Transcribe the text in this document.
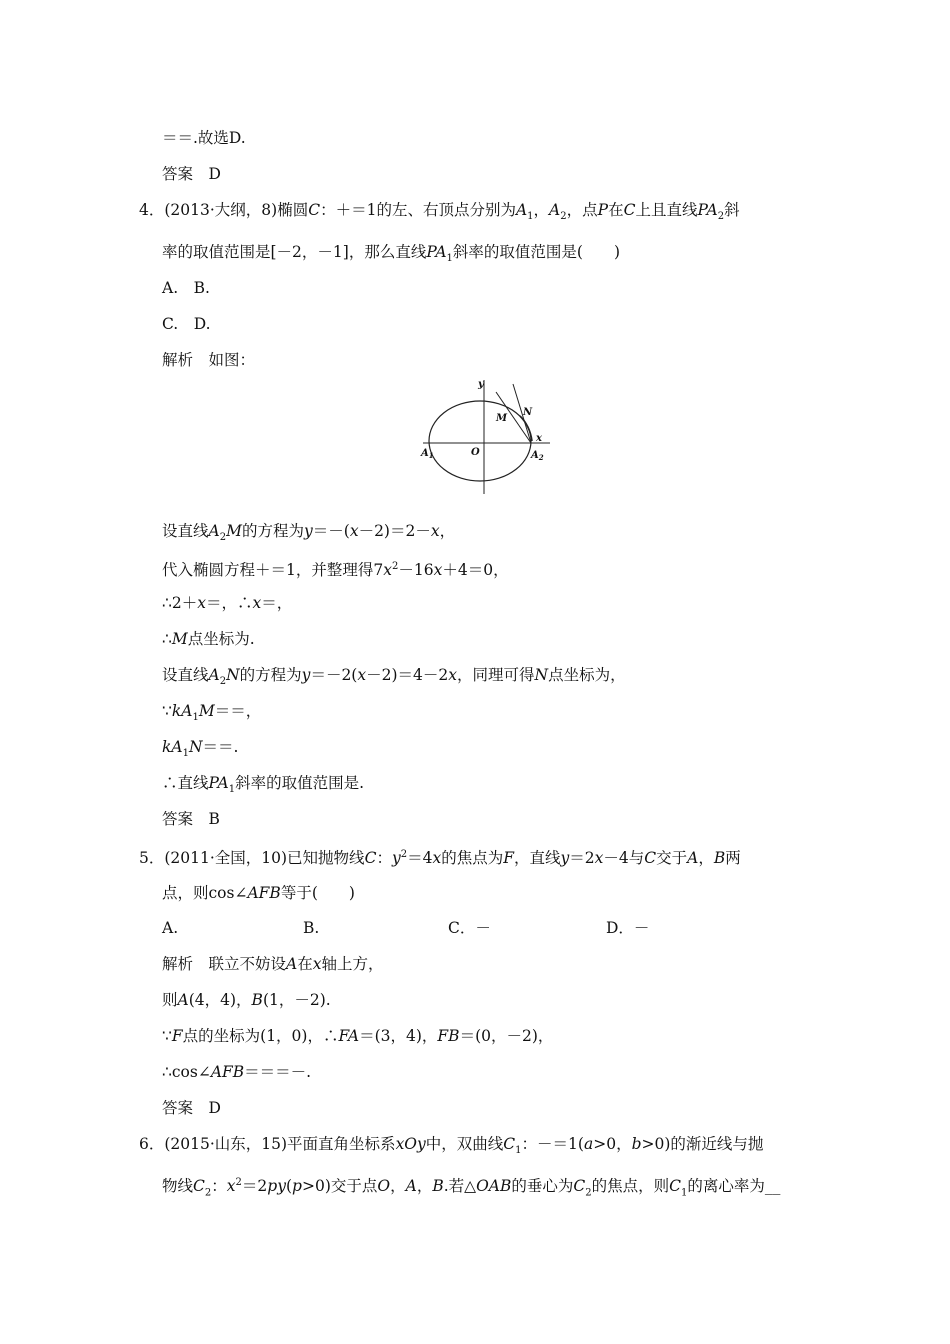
＝＝.故选D.
答案　D
4．(2013·大纲，8)椭圆C：＋＝1的左、右顶点分别为$A_1$，$A_2$，点P在C上且直线$PA_2$斜
率的取值范围是[－2，－1]，那么直线$PA_1$斜率的取值范围是(　　)
A.　B.
C.　D.
解析　如图：
y
x
M
N
O
$A_1$	$A_2$
设直线$A_2M$的方程为y＝－(x－2)＝2－x，
代入椭圆方程＋＝1，并整理得$7x^2-16x+4=0$，
∴2＋x＝，∴x＝，
∴M点坐标为.
设直线$A_2N$的方程为y＝－2(x－2)＝4－2x，同理可得N点坐标为，
$\because kA_1M==$，
$kA_1N==$.
∴直线$PA_1$斜率的取值范围是.
答案　B
5．(2011·全国，10)已知抛物线C：$y^2=4x$的焦点为F，直线y＝2x－4与C交于A，B两
点，则cos∠AFB等于(　　)
A.	B.	C．－	D．－
解析　联立不妨设A在x轴上方，
则A(4，4)，B(1，－2).
∵F点的坐标为(1，0)，∴FA＝(3，4)，FB＝(0，－2)，
∴cos∠AFB＝＝＝－.
答案　D
6．(2015·山东，15)平面直角坐标系xOy中，双曲线$C_1$：－＝1(a>0，b>0)的渐近线与抛
物线$C_2$：$x^2=2py(p>0)$交于点O，A，B.若△OAB的垂心为$C_2$的焦点，则$C_1$的离心率为__
